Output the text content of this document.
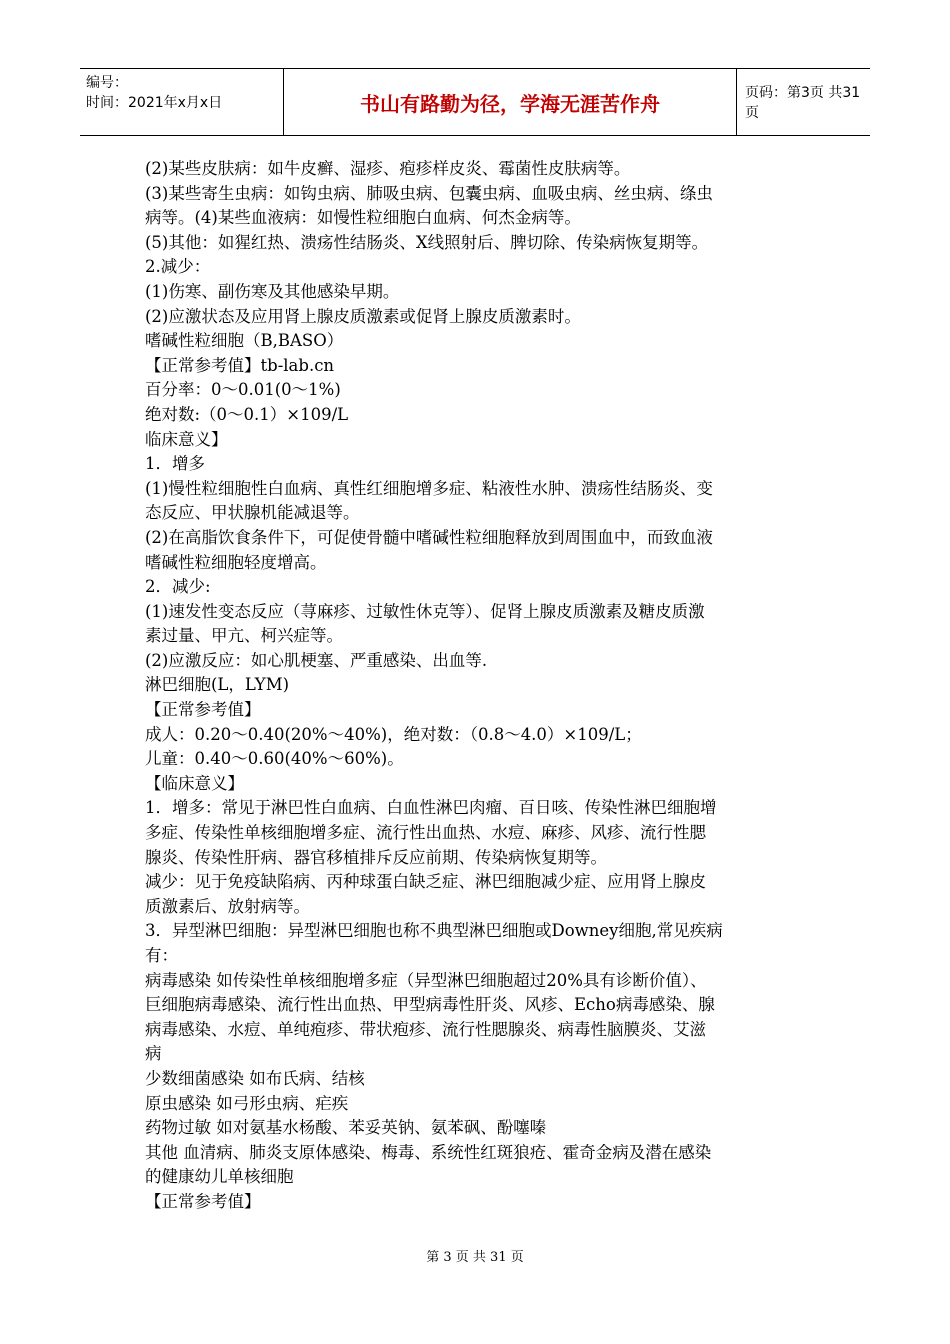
编号：
时间：2021年x月x日	书山有路勤为径，学海无涯苦作舟	页码：第3页 共31页
(2)某些皮肤病：如牛皮癣、湿疹、疱疹样皮炎、霉菌性皮肤病等。
(3)某些寄生虫病：如钩虫病、肺吸虫病、包囊虫病、血吸虫病、丝虫病、绦虫
病等。(4)某些血液病：如慢性粒细胞白血病、何杰金病等。
(5)其他：如猩红热、溃疡性结肠炎、X线照射后、脾切除、传染病恢复期等。
2.减少：
(1)伤寒、副伤寒及其他感染早期。
(2)应激状态及应用肾上腺皮质激素或促肾上腺皮质激素时。
嗜碱性粒细胞（B,BASO）
【正常参考值】tb-lab.cn
百分率：0～0.01(0～1%)
绝对数:（0～0.1）×109/L
临床意义】
1．增多
(1)慢性粒细胞性白血病、真性红细胞增多症、粘液性水肿、溃疡性结肠炎、变
态反应、甲状腺机能减退等。
(2)在高脂饮食条件下，可促使骨髓中嗜碱性粒细胞释放到周围血中，而致血液
嗜碱性粒细胞轻度增高。
2．减少:
(1)速发性变态反应（荨麻疹、过敏性休克等）、促肾上腺皮质激素及糖皮质激
素过量、甲亢、柯兴症等。
(2)应激反应：如心肌梗塞、严重感染、出血等.
淋巴细胞(L，LYM)
【正常参考值】
成人：0.20～0.40(20%～40%)，绝对数：（0.8～4.0）×109/L；
儿童：0.40～0.60(40%～60%)。
【临床意义】
1．增多：常见于淋巴性白血病、白血性淋巴肉瘤、百日咳、传染性淋巴细胞增
多症、传染性单核细胞增多症、流行性出血热、水痘、麻疹、风疹、流行性腮
腺炎、传染性肝病、器官移植排斥反应前期、传染病恢复期等。
减少：见于免疫缺陷病、丙种球蛋白缺乏症、淋巴细胞减少症、应用肾上腺皮
质激素后、放射病等。
3．异型淋巴细胞：异型淋巴细胞也称不典型淋巴细胞或Downey细胞,常见疾病
有：
病毒感染 如传染性单核细胞增多症（异型淋巴细胞超过20%具有诊断价值）、
巨细胞病毒感染、流行性出血热、甲型病毒性肝炎、风疹、Echo病毒感染、腺
病毒感染、水痘、单纯疱疹、带状疱疹、流行性腮腺炎、病毒性脑膜炎、艾滋
病
少数细菌感染 如布氏病、结核
原虫感染 如弓形虫病、疟疾
药物过敏 如对氨基水杨酸、苯妥英钠、氨苯砜、酚噻嗪
其他 血清病、肺炎支原体感染、梅毒、系统性红斑狼疮、霍奇金病及潜在感染
的健康幼儿单核细胞
【正常参考值】
第 3 页 共 31 页
